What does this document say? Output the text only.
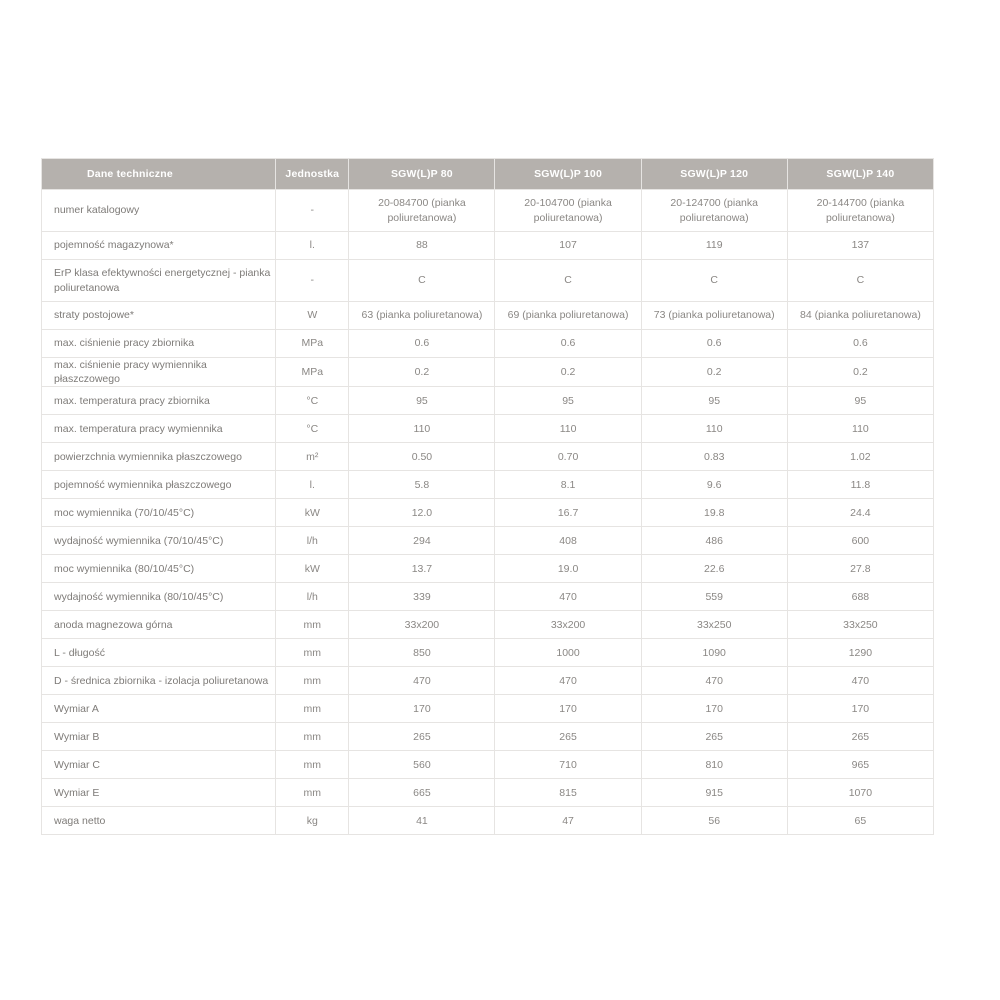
Dane techniczne	Jednostka	SGW(L)P 80	SGW(L)P 100	SGW(L)P 120	SGW(L)P 140
numer katalogowy	-	20-084700 (pianka poliuretanowa)	20-104700 (pianka poliuretanowa)	20-124700 (pianka poliuretanowa)	20-144700 (pianka poliuretanowa)
pojemność magazynowa*	l.	88	107	119	137
ErP klasa efektywności energetycznej - pianka poliuretanowa	-	C	C	C	C
straty postojowe*	W	63 (pianka poliuretanowa)	69 (pianka poliuretanowa)	73 (pianka poliuretanowa)	84 (pianka poliuretanowa)
max. ciśnienie pracy zbiornika	MPa	0.6	0.6	0.6	0.6
max. ciśnienie pracy wymiennika płaszczowego	MPa	0.2	0.2	0.2	0.2
max. temperatura pracy zbiornika	°C	95	95	95	95
max. temperatura pracy wymiennika	°C	110	110	110	110
powierzchnia wymiennika płaszczowego	m²	0.50	0.70	0.83	1.02
pojemność wymiennika płaszczowego	l.	5.8	8.1	9.6	11.8
moc wymiennika (70/10/45°C)	kW	12.0	16.7	19.8	24.4
wydajność wymiennika (70/10/45°C)	l/h	294	408	486	600
moc wymiennika (80/10/45°C)	kW	13.7	19.0	22.6	27.8
wydajność wymiennika (80/10/45°C)	l/h	339	470	559	688
anoda magnezowa górna	mm	33x200	33x200	33x250	33x250
L - długość	mm	850	1000	1090	1290
D - średnica zbiornika - izolacja poliuretanowa	mm	470	470	470	470
Wymiar A	mm	170	170	170	170
Wymiar B	mm	265	265	265	265
Wymiar C	mm	560	710	810	965
Wymiar E	mm	665	815	915	1070
waga netto	kg	41	47	56	65
